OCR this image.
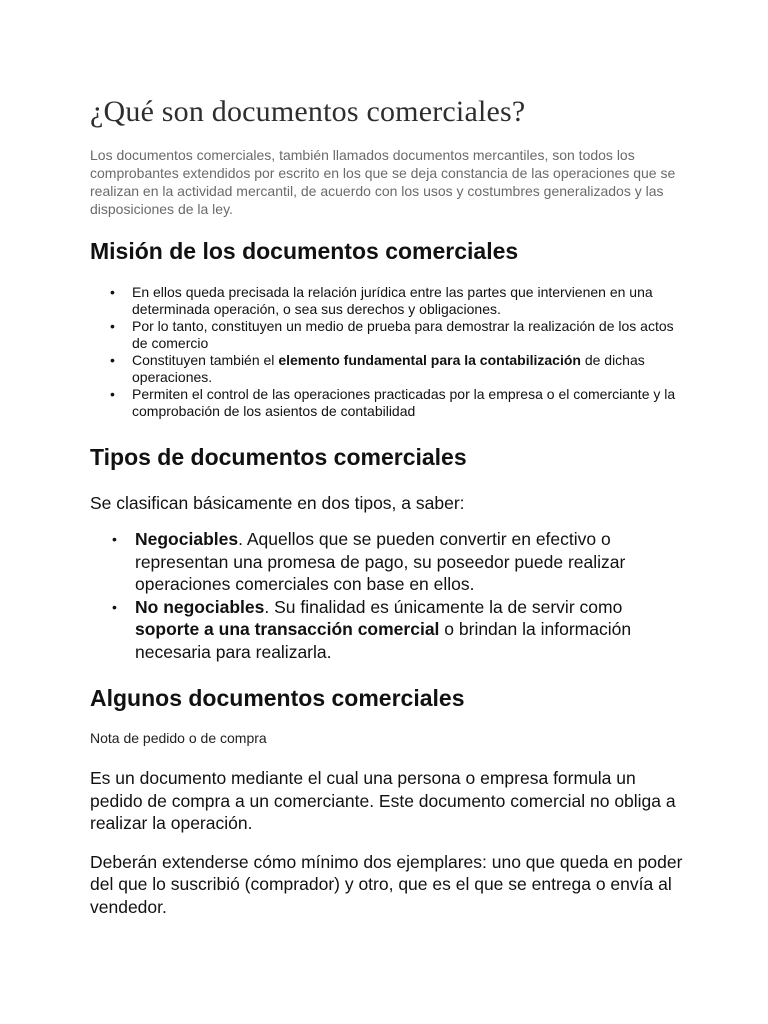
¿Qué son documentos comerciales?

Los documentos comerciales, también llamados documentos mercantiles, son todos los comprobantes extendidos por escrito en los que se deja constancia de las operaciones que se realizan en la actividad mercantil, de acuerdo con los usos y costumbres generalizados y las disposiciones de la ley.

Misión de los documentos comerciales
• En ellos queda precisada la relación jurídica entre las partes que intervienen en una determinada operación, o sea sus derechos y obligaciones.
• Por lo tanto, constituyen un medio de prueba para demostrar la realización de los actos de comercio
• Constituyen también el elemento fundamental para la contabilización de dichas operaciones.
• Permiten el control de las operaciones practicadas por la empresa o el comerciante y la comprobación de los asientos de contabilidad
Tipos de documentos comerciales

Se clasifican básicamente en dos tipos, a saber:

• Negociables. Aquellos que se pueden convertir en efectivo o representan una promesa de pago, su poseedor puede realizar operaciones comerciales con base en ellos.
• No negociables. Su finalidad es únicamente la de servir como soporte a una transacción comercial o brindan la información necesaria para realizarla.
Algunos documentos comerciales

Nota de pedido o de compra

Es un documento mediante el cual una persona o empresa formula un pedido de compra a un comerciante. Este documento comercial no obliga a realizar la operación.

Deberán extenderse cómo mínimo dos ejemplares: uno que queda en poder del que lo suscribió (comprador) y otro, que es el que se entrega o envía al vendedor.
